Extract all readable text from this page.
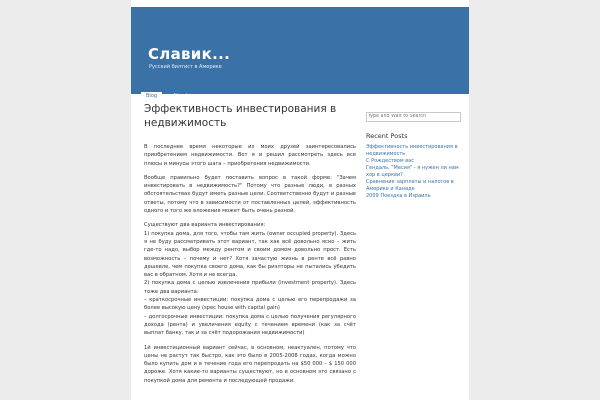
Славик...
Русский билтист в Америке
Blog	About
Эффективность инвестирования в недвижимость

В последнее время некоторые из моих друзей заинтересовались приобретением недвижимости. Вот я и решил рассмотреть здесь все плюсы и минусы этого шага – приобретения недвижимости.

Вообще правильно будет поставить вопрос в такой форме: "Зачем инвестировать в недвижимость?" Потому что разные люди, в разных обстоятельствах будут иметь разные цели. Соответственно будут и разные ответы, потому что в зависимости от поставленных целей, эффективность одного и того же вложения может быть очень разной.

Существуют два варианта инвестирования:
1) покупка дома, для того, чтобы там жить (owner occupied property). Здесь я не буду рассматривать этот вариант, так как всё довольно ясно – жить где-то надо, выбор между рентом и своим домом довольно прост. Есть возможность – почему и нет? Хотя зачастую жизнь в ренте всё равно дешевле, чем покупка своего дома, как бы риэлторы не пытались убедить вас в обратном. Хотя и не всегда.
2) покупка дома с целью извлечения прибыли (investment property). Здесь тоже два варианта:
– краткосрочные инвестиции: покупка дома с целью его перепродажи за более высокую цену (spec house with capital gain)
– долгосрочные инвестиции: покупка дома с целью получения регулярного дохода (рента) и увеличения equity с течением времени (как за счёт выплат банку, так и за счёт подорожания недвижимости)

1й инвестиционный вариант сейчас, в основном, неактуален, потому что цены не растут так быстро, как это было в 2005-2008 годах, когда можно было купить дом и в течение года его перепродать на $50 000 – $ 150 000 дороже. Хотя какие-то варианты существуют, но в основном это связано с покупкой дома для ремонта и последующей продажи.

Type and Wait to Search
Recent Posts
Эффективность инвестирования в недвижимость
С Рождеством вас
Гендаль, "Месия" - я нужен ли нам хор в церкви?
Сравнение зарплаты и налогов в Америке и Канаде
2009 Поездка в Израиль
